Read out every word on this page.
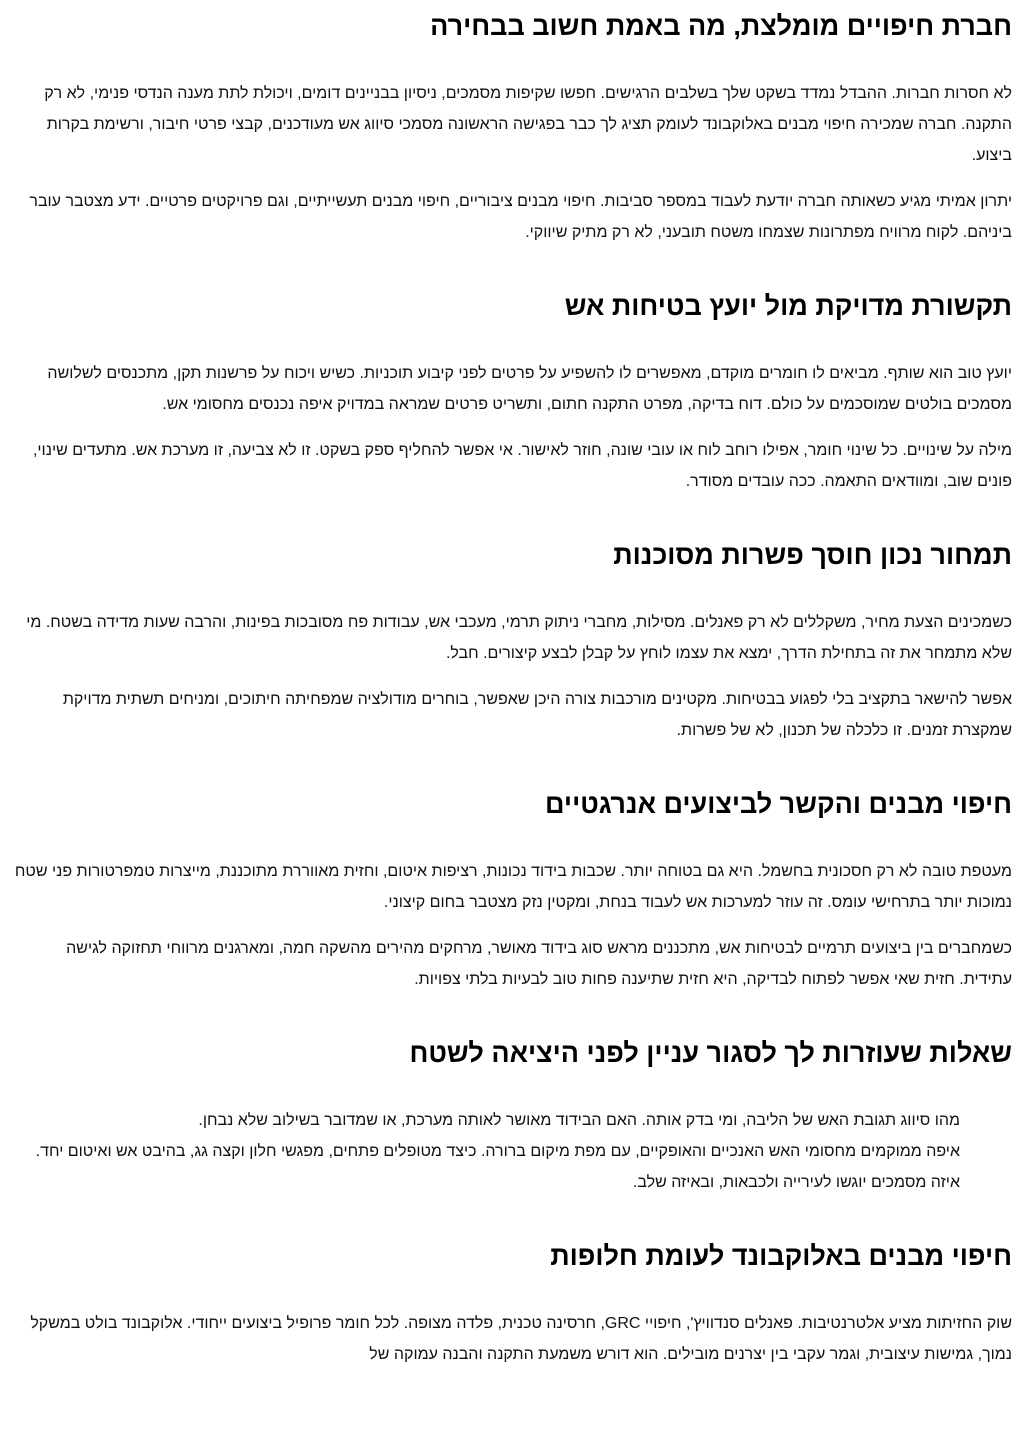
חברת חיפויים מומלצת, מה באמת חשוב בבחירה

לא חסרות חברות. ההבדל נמדד בשקט שלך בשלבים הרגישים. חפשו שקיפות מסמכים, ניסיון בבניינים דומים, ויכולת לתת מענה הנדסי פנימי, לא רק התקנה. חברה שמכירה חיפוי מבנים באלוקבונד לעומק תציג לך כבר בפגישה הראשונה מסמכי סיווג אש מעודכנים, קבצי פרטי חיבור, ורשימת בקרות ביצוע.

יתרון אמיתי מגיע כשאותה חברה יודעת לעבוד במספר סביבות. חיפוי מבנים ציבוריים, חיפוי מבנים תעשייתיים, וגם פרויקטים פרטיים. ידע מצטבר עובר ביניהם. לקוח מרוויח מפתרונות שצמחו משטח תובעני, לא רק מתיק שיווקי.

תקשורת מדויקת מול יועץ בטיחות אש

יועץ טוב הוא שותף. מביאים לו חומרים מוקדם, מאפשרים לו להשפיע על פרטים לפני קיבוע תוכניות. כשיש ויכוח על פרשנות תקן, מתכנסים לשלושה מסמכים בולטים שמוסכמים על כולם. דוח בדיקה, מפרט התקנה חתום, ותשריט פרטים שמראה במדויק איפה נכנסים מחסומי אש.

מילה על שינויים. כל שינוי חומר, אפילו רוחב לוח או עובי שונה, חוזר לאישור. אי אפשר להחליף ספק בשקט. זו לא צביעה, זו מערכת אש. מתעדים שינוי, פונים שוב, ומוודאים התאמה. ככה עובדים מסודר.

תמחור נכון חוסך פשרות מסוכנות

כשמכינים הצעת מחיר, משקללים לא רק פאנלים. מסילות, מחברי ניתוק תרמי, מעכבי אש, עבודות פח מסובכות בפינות, והרבה שעות מדידה בשטח. מי שלא מתמחר את זה בתחילת הדרך, ימצא את עצמו לוחץ על קבלן לבצע קיצורים. חבל.

אפשר להישאר בתקציב בלי לפגוע בבטיחות. מקטינים מורכבות צורה היכן שאפשר, בוחרים מודולציה שמפחיתה חיתוכים, ומניחים תשתית מדויקת שמקצרת זמנים. זו כלכלה של תכנון, לא של פשרות.

חיפוי מבנים והקשר לביצועים אנרגטיים

מעטפת טובה לא רק חסכונית בחשמל. היא גם בטוחה יותר. שכבות בידוד נכונות, רציפות איטום, וחזית מאווררת מתוכננת, מייצרות טמפרטורות פני שטח נמוכות יותר בתרחישי עומס. זה עוזר למערכות אש לעבוד בנחת, ומקטין נזק מצטבר בחום קיצוני.

כשמחברים בין ביצועים תרמיים לבטיחות אש, מתכננים מראש סוג בידוד מאושר, מרחקים מהירים מהשקה חמה, ומארגנים מרווחי תחזוקה לגישה עתידית. חזית שאי אפשר לפתוח לבדיקה, היא חזית שתיענה פחות טוב לבעיות בלתי צפויות.

שאלות שעוזרות לך לסגור עניין לפני היציאה לשטח
מהו סיווג תגובת האש של הליבה, ומי בדק אותה. האם הבידוד מאושר לאותה מערכת, או שמדובר בשילוב שלא נבחן.
איפה ממוקמים מחסומי האש האנכיים והאופקיים, עם מפת מיקום ברורה. כיצד מטופלים פתחים, מפגשי חלון וקצה גג, בהיבט אש ואיטום יחד. איזה מסמכים יוגשו לעירייה ולכבאות, ובאיזה שלב.
חיפוי מבנים באלוקבונד לעומת חלופות

שוק החזיתות מציע אלטרנטיבות. פאנלים סנדוויץ', חיפויי GRC, חרסינה טכנית, פלדה מצופה. לכל חומר פרופיל ביצועים ייחודי. אלוקבונד בולט במשקל נמוך, גמישות עיצובית, וגמר עקבי בין יצרנים מובילים. הוא דורש משמעת התקנה והבנה עמוקה של
